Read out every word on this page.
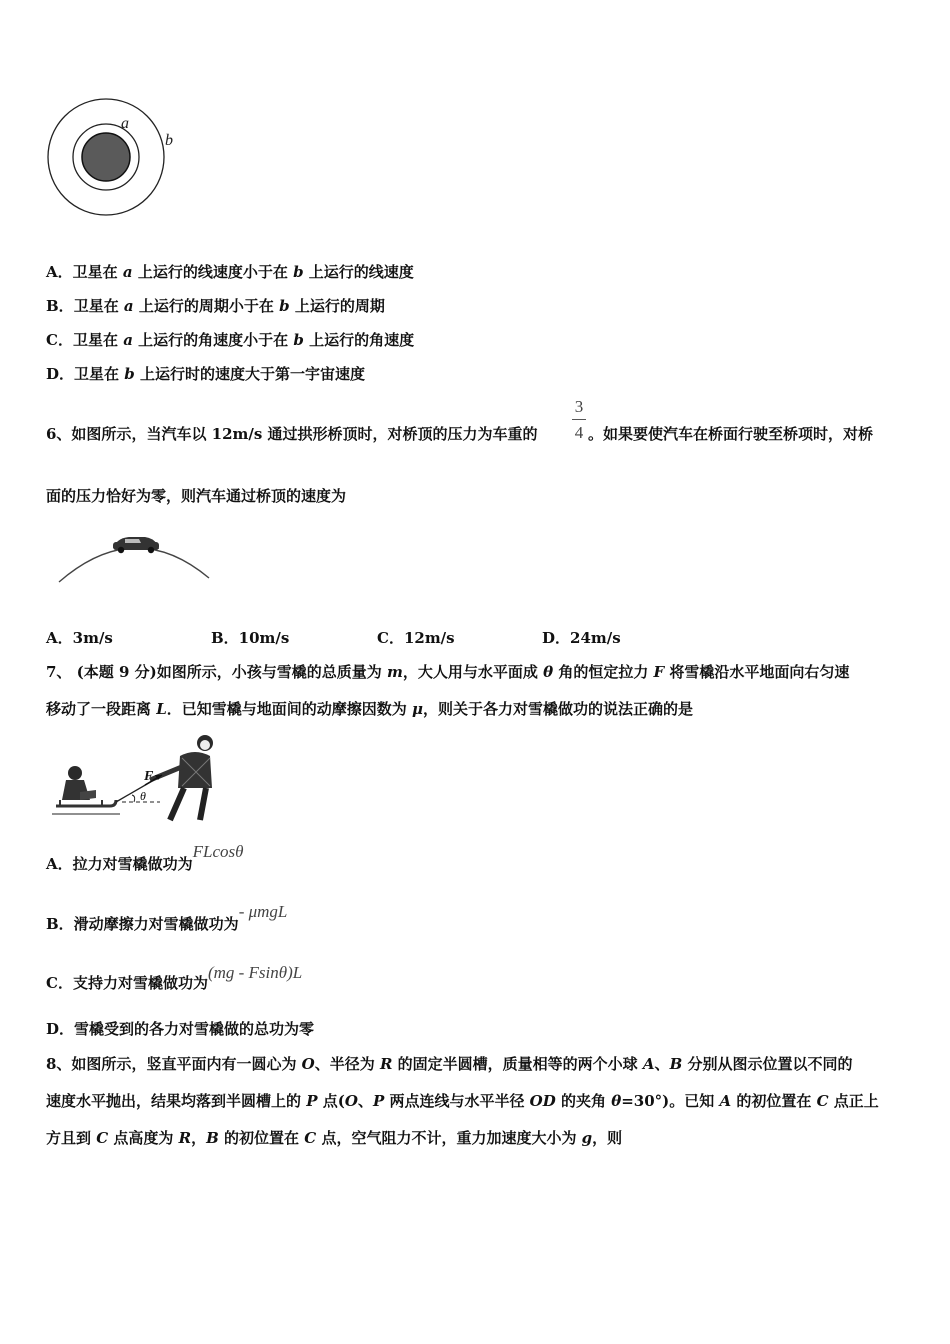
a
b
A．卫星在 a 上运行的线速度小于在 b 上运行的线速度
B．卫星在 a 上运行的周期小于在 b 上运行的周期
C．卫星在 a 上运行的角速度小于在 b 上运行的角速度
D．卫星在 b 上运行时的速度大于第一宇宙速度
6、如图所示，当汽车以 12m/s 通过拱形桥顶时，对桥顶的压力为车重的
3
4 。如果要使汽车在桥面行驶至桥项时，对桥
面的压力恰好为零，则汽车通过桥顶的速度为
A．3m/s	B．10m/s	C．12m/s	D．24m/s
7、 (本题 9 分)如图所示，小孩与雪橇的总质量为 m，大人用与水平面成 θ 角的恒定拉力 F 将雪橇沿水平地面向右匀速
移动了一段距离 L．已知雪橇与地面间的动摩擦因数为 μ，则关于各力对雪橇做功的说法正确的是
F
θ
A．拉力对雪橇做功为FLcosθ
B．滑动摩擦力对雪橇做功为- μmgL
C．支持力对雪橇做功为(mg - Fsinθ)L
D．雪橇受到的各力对雪橇做的总功为零
8、如图所示，竖直平面内有一圆心为 O、半径为 R 的固定半圆槽，质量相等的两个小球 A、B 分别从图示位置以不同的
速度水平抛出，结果均落到半圆槽上的 P 点(O、P 两点连线与水平半径 OD 的夹角 θ=30°)。已知 A 的初位置在 C 点正上
方且到 C 点高度为 R，B 的初位置在 C 点，空气阻力不计，重力加速度大小为 g，则
